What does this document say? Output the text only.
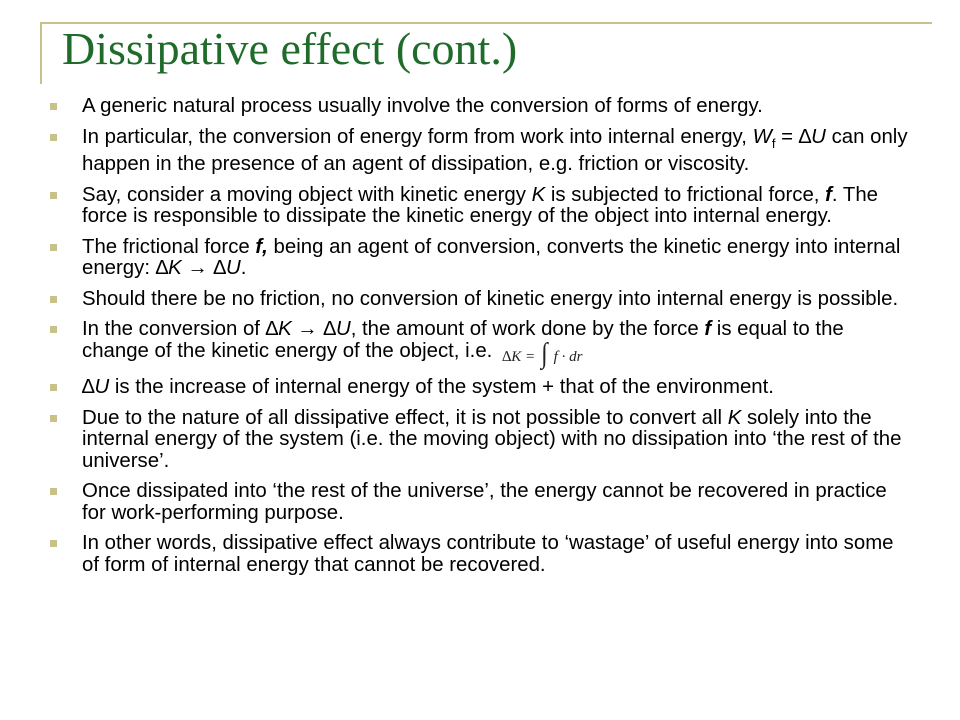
Dissipative effect (cont.)
A generic natural process usually involve the conversion of forms of energy.
In particular, the conversion of energy form from work into internal energy, $W_f = \Delta U$ can only happen in the presence of an agent of dissipation, e.g. friction or viscosity.
Say, consider a moving object with kinetic energy K is subjected to frictional force, f. The force is responsible to dissipate the kinetic energy of the object into internal energy.
The frictional force f, being an agent of conversion, converts the kinetic energy into internal energy: ∆K → ∆U.
Should there be no friction, no conversion of kinetic energy into internal energy is possible.
In the conversion of ∆K → ∆U, the amount of work done by the force f is equal to the change of the kinetic energy of the object, i.e. ∆K = ∫ f · dr
∆U is the increase of internal energy of the system + that of the environment.
Due to the nature of all dissipative effect, it is not possible to convert all K solely into the internal energy of the system (i.e. the moving object) with no dissipation into ‘the rest of the universe’.
Once dissipated into ‘the rest of the universe’, the energy cannot be recovered in practice for work-performing purpose.
In other words, dissipative effect always contribute to ‘wastage’ of useful energy into some of form of internal energy that cannot be recovered.
